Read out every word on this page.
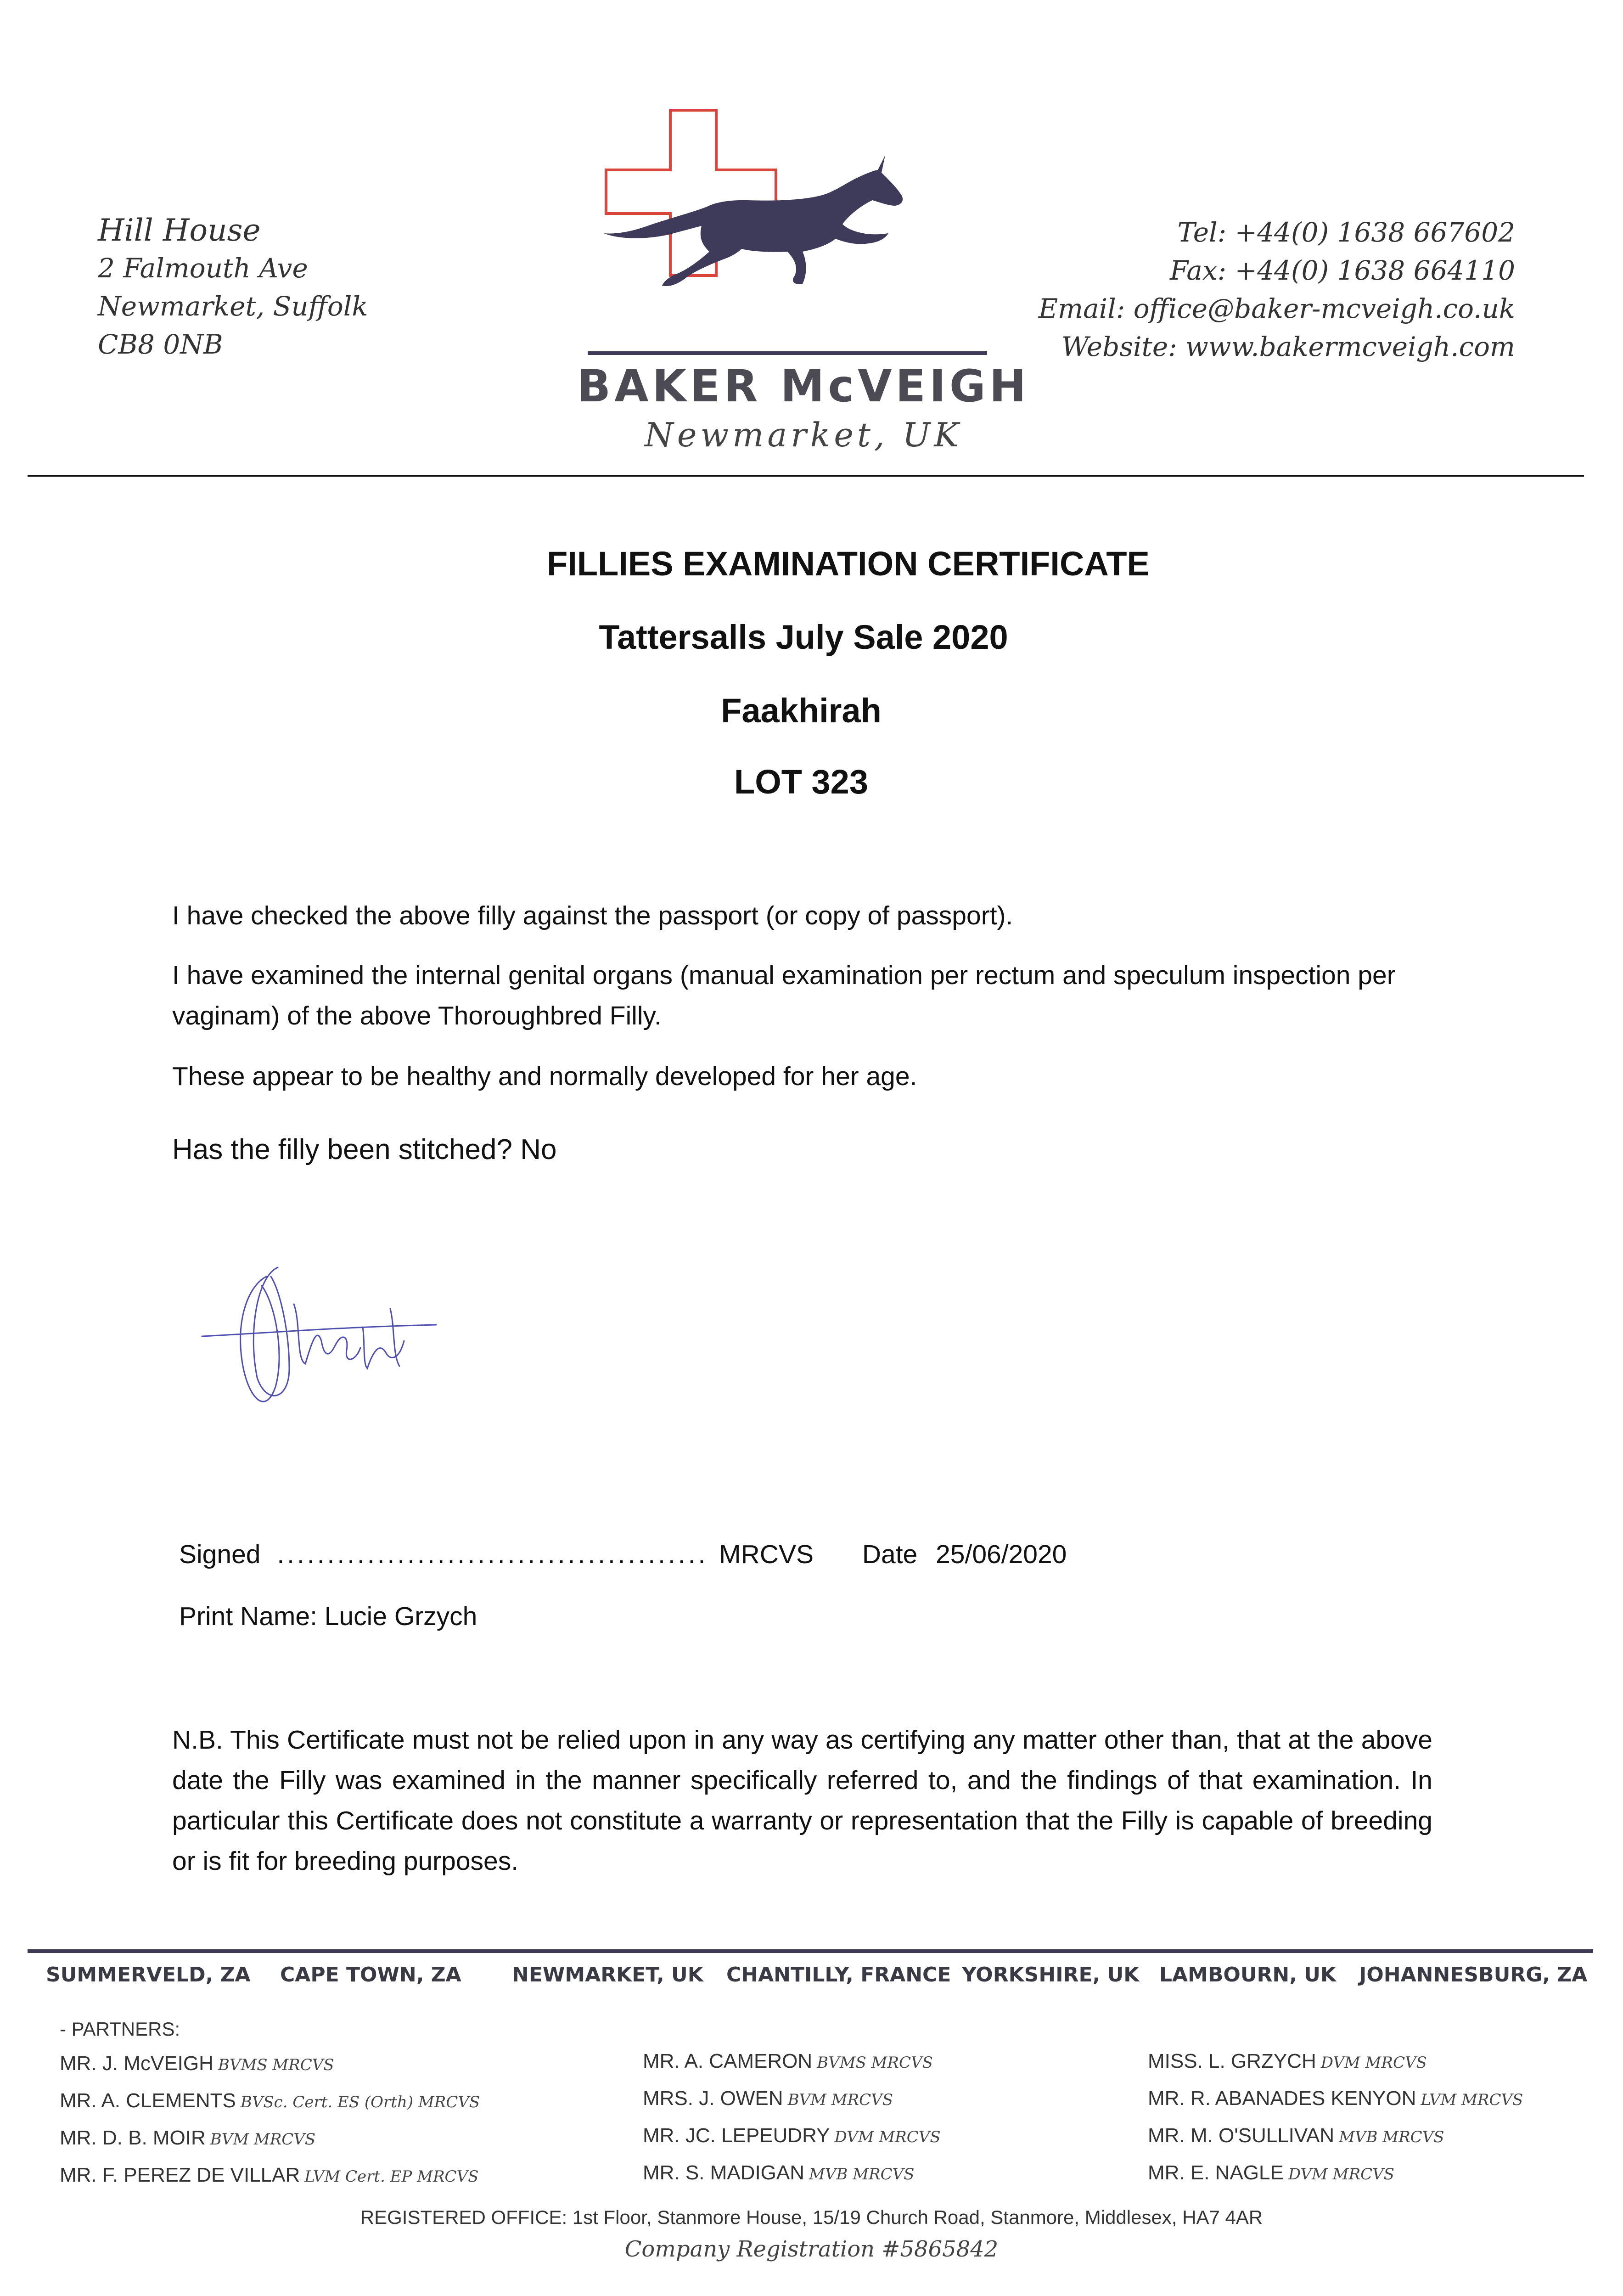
Hill House
2 Falmouth Ave
Newmarket, Suffolk
CB8 0NB
BAKER McVEIGH
Newmarket, UK
Tel: +44(0) 1638 667602
Fax: +44(0) 1638 664110
Email: office@baker-mcveigh.co.uk
Website: www.bakermcveigh.com
FILLIES EXAMINATION CERTIFICATE
Tattersalls July Sale 2020
Faakhirah
LOT 323

I have checked the above filly against the passport (or copy of passport).

I have examined the internal genital organs (manual examination per rectum and speculum inspection per vaginam) of the above Thoroughbred Filly.

These appear to be healthy and normally developed for her age.

Has the filly been stitched? No

Signed ........................................... MRCVS Date 25/06/2020
Print Name: Lucie Grzych

N.B. This Certificate must not be relied upon in any way as certifying any matter other than, that at the above date the Filly was examined in the manner specifically referred to, and the findings of that examination. In particular this Certificate does not constitute a warranty or representation that the Filly is capable of breeding or is fit for breeding purposes.

SUMMERVELD, ZA CAPE TOWN, ZA	NEWMARKET, UK CHANTILLY, FRANCE YORKSHIRE, UK LAMBOURN, UK JOHANNESBURG, ZA
- PARTNERS:
MR. J. McVEIGH BVMS MRCVS
MR. A. CLEMENTS BVSc. Cert. ES (Orth) MRCVS
MR. D. B. MOIR BVM MRCVS
MR. F. PEREZ DE VILLAR LVM Cert. EP MRCVS
MR. A. CAMERON BVMS MRCVS
MRS. J. OWEN BVM MRCVS
MR. JC. LEPEUDRY DVM MRCVS
MR. S. MADIGAN MVB MRCVS
MISS. L. GRZYCH DVM MRCVS
MR. R. ABANADES KENYON LVM MRCVS
MR. M. O'SULLIVAN MVB MRCVS
MR. E. NAGLE DVM MRCVS
REGISTERED OFFICE: 1st Floor, Stanmore House, 15/19 Church Road, Stanmore, Middlesex, HA7 4AR
Company Registration #5865842
